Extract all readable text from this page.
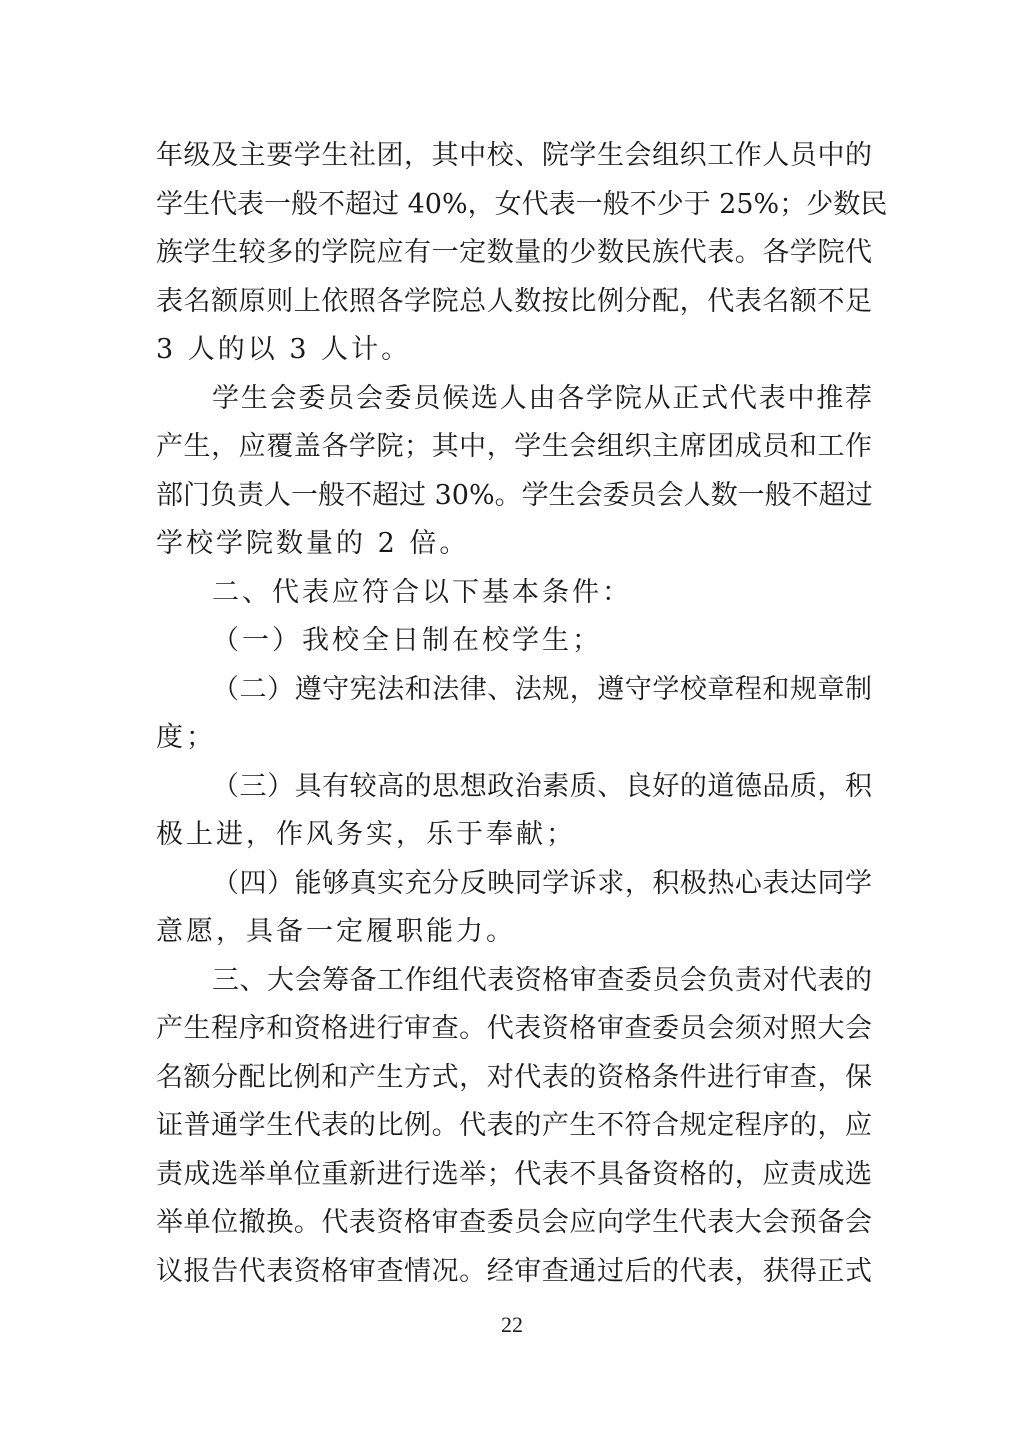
年级及主要学生社团，其中校、院学生会组织工作人员中的
学生代表一般不超过 40%，女代表一般不少于 25%；少数民
族学生较多的学院应有一定数量的少数民族代表。各学院代
表名额原则上依照各学院总人数按比例分配，代表名额不足
3 人的以 3 人计。
学生会委员会委员候选人由各学院从正式代表中推荐
产生，应覆盖各学院；其中，学生会组织主席团成员和工作
部门负责人一般不超过 30%。学生会委员会人数一般不超过
学校学院数量的 2 倍。
二、代表应符合以下基本条件：
（一）我校全日制在校学生；
（二）遵守宪法和法律、法规，遵守学校章程和规章制
度；
（三）具有较高的思想政治素质、良好的道德品质，积
极上进，作风务实，乐于奉献；
（四）能够真实充分反映同学诉求，积极热心表达同学
意愿，具备一定履职能力。
三、大会筹备工作组代表资格审查委员会负责对代表的
产生程序和资格进行审查。代表资格审查委员会须对照大会
名额分配比例和产生方式，对代表的资格条件进行审查，保
证普通学生代表的比例。代表的产生不符合规定程序的，应
责成选举单位重新进行选举；代表不具备资格的，应责成选
举单位撤换。代表资格审查委员会应向学生代表大会预备会
议报告代表资格审查情况。经审查通过后的代表，获得正式
22
